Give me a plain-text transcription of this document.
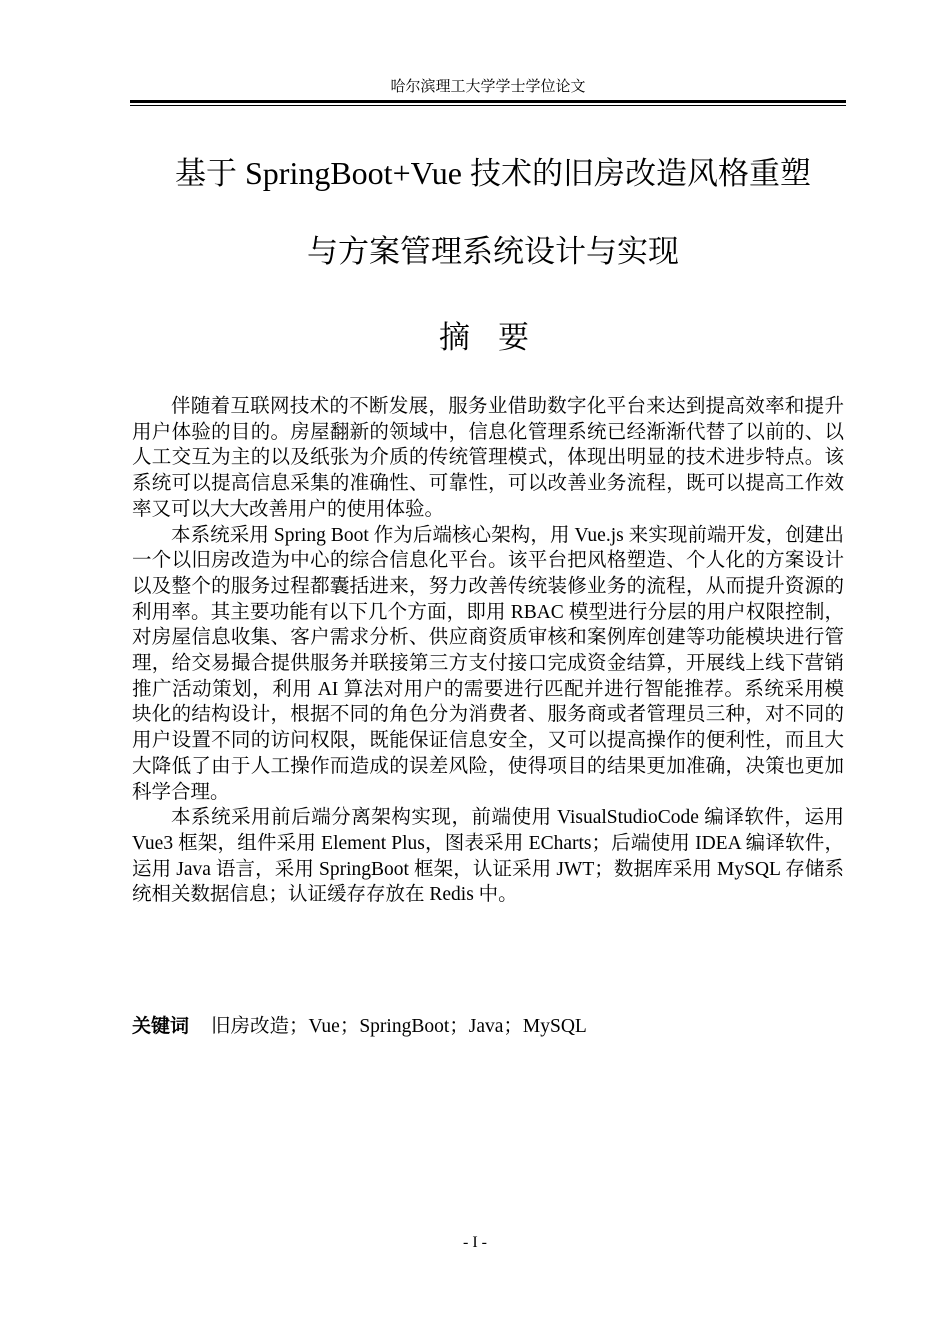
哈尔滨理工大学学士学位论文
基于 SpringBoot+Vue 技术的旧房改造风格重塑
与方案管理系统设计与实现
摘要

伴随着互联网技术的不断发展，服务业借助数字化平台来达到提高效率和提升用户体验的目的。房屋翻新的领域中，信息化管理系统已经渐渐代替了以前的、以人工交互为主的以及纸张为介质的传统管理模式，体现出明显的技术进步特点。该系统可以提高信息采集的准确性、可靠性，可以改善业务流程，既可以提高工作效率又可以大大改善用户的使用体验。

本系统采用 Spring Boot 作为后端核心架构，用 Vue.js 来实现前端开发，创建出一个以旧房改造为中心的综合信息化平台。该平台把风格塑造、个人化的方案设计以及整个的服务过程都囊括进来，努力改善传统装修业务的流程，从而提升资源的利用率。其主要功能有以下几个方面，即用 RBAC 模型进行分层的用户权限控制，对房屋信息收集、客户需求分析、供应商资质审核和案例库创建等功能模块进行管理，给交易撮合提供服务并联接第三方支付接口完成资金结算，开展线上线下营销推广活动策划，利用 AI 算法对用户的需要进行匹配并进行智能推荐。系统采用模块化的结构设计，根据不同的角色分为消费者、服务商或者管理员三种，对不同的用户设置不同的访问权限，既能保证信息安全，又可以提高操作的便利性，而且大大降低了由于人工操作而造成的误差风险，使得项目的结果更加准确，决策也更加科学合理。

本系统采用前后端分离架构实现，前端使用 VisualStudioCode 编译软件，运用 Vue3 框架，组件采用 Element Plus，图表采用 ECharts；后端使用 IDEA 编译软件，运用 Java 语言，采用 SpringBoot 框架，认证采用 JWT；数据库采用 MySQL 存储系统相关数据信息；认证缓存存放在 Redis 中。

关键词 旧房改造；Vue；SpringBoot；Java；MySQL
- I -
